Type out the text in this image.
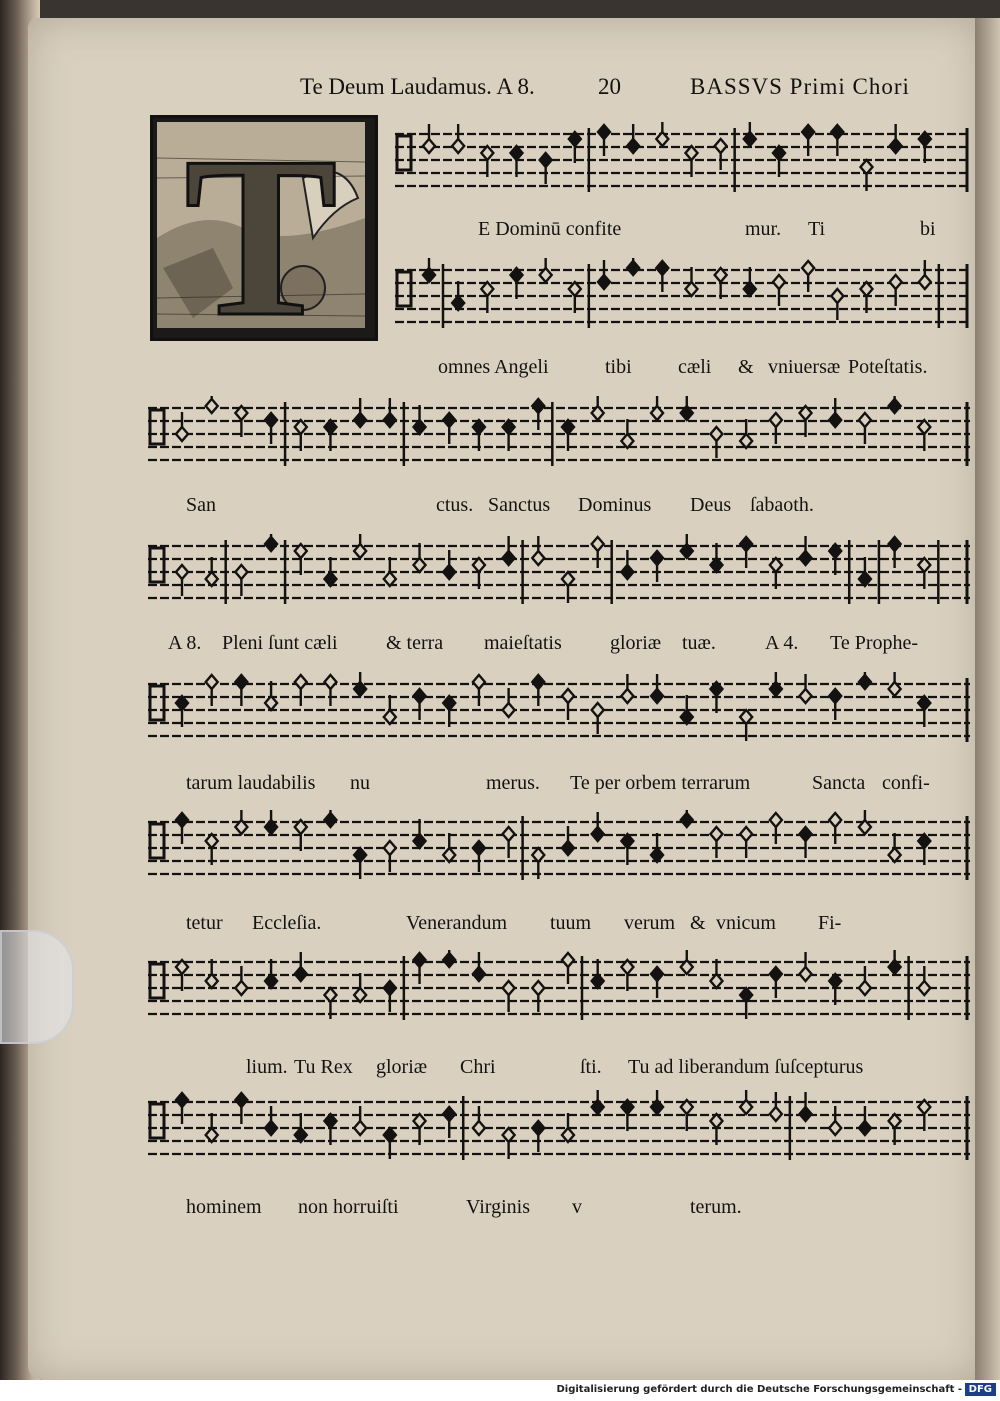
Te Deum Laudamus. A 8.	20	BASSVS Primi Chori
T	E Dominū confite	mur. Ti	bi
omnes Angeli	tibi cæli & vniuersæ Poteſtatis.
San	ctus. Sanctus Dominus Deus ſabaoth.
A 8. Pleni ſunt cæli & terra maieſtatis gloriæ tuæ. A 4. Te Prophe-
tarum laudabilis nu	merus. Te per orbem terrarum	Sancta confi-
tetur Eccleſia.	Venerandum tuum verum & vnicum Fi-
lium. Tu Rex gloriæ Chri	ſti. Tu ad liberandum ſuſcepturus
hominem non horruiſti	Virginis v	terum.
Digitalisierung gefördert durch die Deutsche Forschungsgemeinschaft - DFG
